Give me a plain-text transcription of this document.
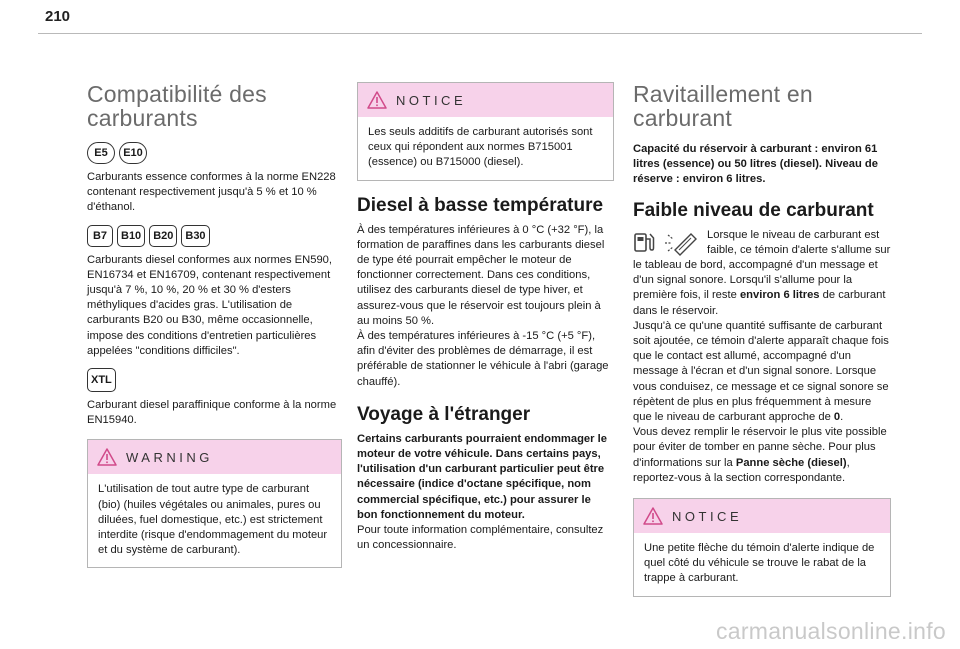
210
Compatibilité des
carburants
E5	E10

Carburants essence conformes à la norme EN228 contenant respectivement jusqu'à 5 % et 10 % d'éthanol.

B7	B10	B20	B30

Carburants diesel conformes aux normes EN590, EN16734 et EN16709, contenant respectivement jusqu'à 7 %, 10 %, 20 % et 30 % d'esters méthyliques d'acides gras. L'utilisation de carburants B20 ou B30, même occasionnelle, impose des conditions d'entretien particulières appelées "conditions difficiles".

XTL

Carburant diesel paraffinique conforme à la norme EN15940.

WARNING
L'utilisation de tout autre type de carburant (bio) (huiles végétales ou animales, pures ou diluées, fuel domestique, etc.) est strictement interdite (risque d'endommagement du moteur et du système de carburant).
NOTICE
Les seuls additifs de carburant autorisés sont ceux qui répondent aux normes B715001 (essence) ou B715000 (diesel).
Diesel à basse température

À des températures inférieures à 0 °C (+32 °F), la formation de paraffines dans les carburants diesel de type été pourrait empêcher le moteur de fonctionner correctement. Dans ces conditions, utilisez des carburants diesel de type hiver, et assurez-vous que le réservoir est toujours plein à au moins 50 %.

À des températures inférieures à -15 °C (+5 °F), afin d'éviter des problèmes de démarrage, il est préférable de stationner le véhicule à l'abri (garage chauffé).

Voyage à l'étranger

Certains carburants pourraient endommager le moteur de votre véhicule. Dans certains pays, l'utilisation d'un carburant particulier peut être nécessaire (indice d'octane spécifique, nom commercial spécifique, etc.) pour assurer le bon fonctionnement du moteur.

Pour toute information complémentaire, consultez un concessionnaire.

Ravitaillement en
carburant

Capacité du réservoir à carburant : environ 61 litres (essence) ou 50 litres (diesel). Niveau de réserve : environ 6 litres.

Faible niveau de carburant
Lorsque le niveau de carburant est faible, ce témoin d'alerte s'allume sur le tableau de bord, accompagné d'un message et d'un signal sonore. Lorsqu'il s'allume pour la première fois, il reste environ 6 litres de carburant dans le réservoir.
Jusqu'à ce qu'une quantité suffisante de carburant soit ajoutée, ce témoin d'alerte apparaît chaque fois que le contact est allumé, accompagné d'un message à l'écran et d'un signal sonore. Lorsque vous conduisez, ce message et ce signal sonore se répètent de plus en plus fréquemment à mesure que le niveau de carburant approche de 0.
Vous devez remplir le réservoir le plus vite possible pour éviter de tomber en panne sèche. Pour plus d'informations sur la Panne sèche (diesel), reportez-vous à la section correspondante.
NOTICE
Une petite flèche du témoin d'alerte indique de quel côté du véhicule se trouve le rabat de la trappe à carburant.
carmanualsonline.info
